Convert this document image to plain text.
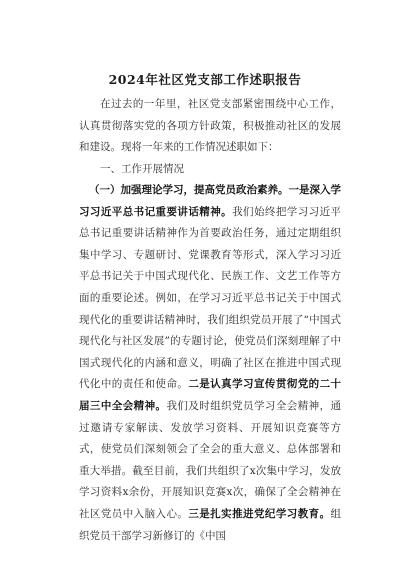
2024年社区党支部工作述职报告

在过去的一年里，社区党支部紧密围绕中心工作，认真贯彻落实党的各项方针政策，积极推动社区的发展和建设。现将一年来的工作情况述职如下：

一、工作开展情况

（一）加强理论学习，提高党员政治素养。一是深入学习习近平总书记重要讲话精神。我们始终把学习习近平总书记重要讲话精神作为首要政治任务，通过定期组织集中学习、专题研讨、党课教育等形式，深入学习习近平总书记关于中国式现代化、民族工作、文艺工作等方面的重要论述。例如，在学习习近平总书记关于中国式现代化的重要讲话精神时，我们组织党员开展了“中国式现代化与社区发展”的专题讨论，使党员们深刻理解了中国式现代化的内涵和意义，明确了社区在推进中国式现代化中的责任和使命。二是认真学习宣传贯彻党的二十届三中全会精神。我们及时组织党员学习全会精神，通过邀请专家解读、发放学习资料、开展知识竞赛等方式，使党员们深刻领会了全会的重大意义、总体部署和重大举措。截至目前，我们共组织了x次集中学习，发放学习资料x余份，开展知识竞赛x次，确保了全会精神在社区党员中入脑入心。三是扎实推进党纪学习教育。组织党员干部学习新修订的《中国
